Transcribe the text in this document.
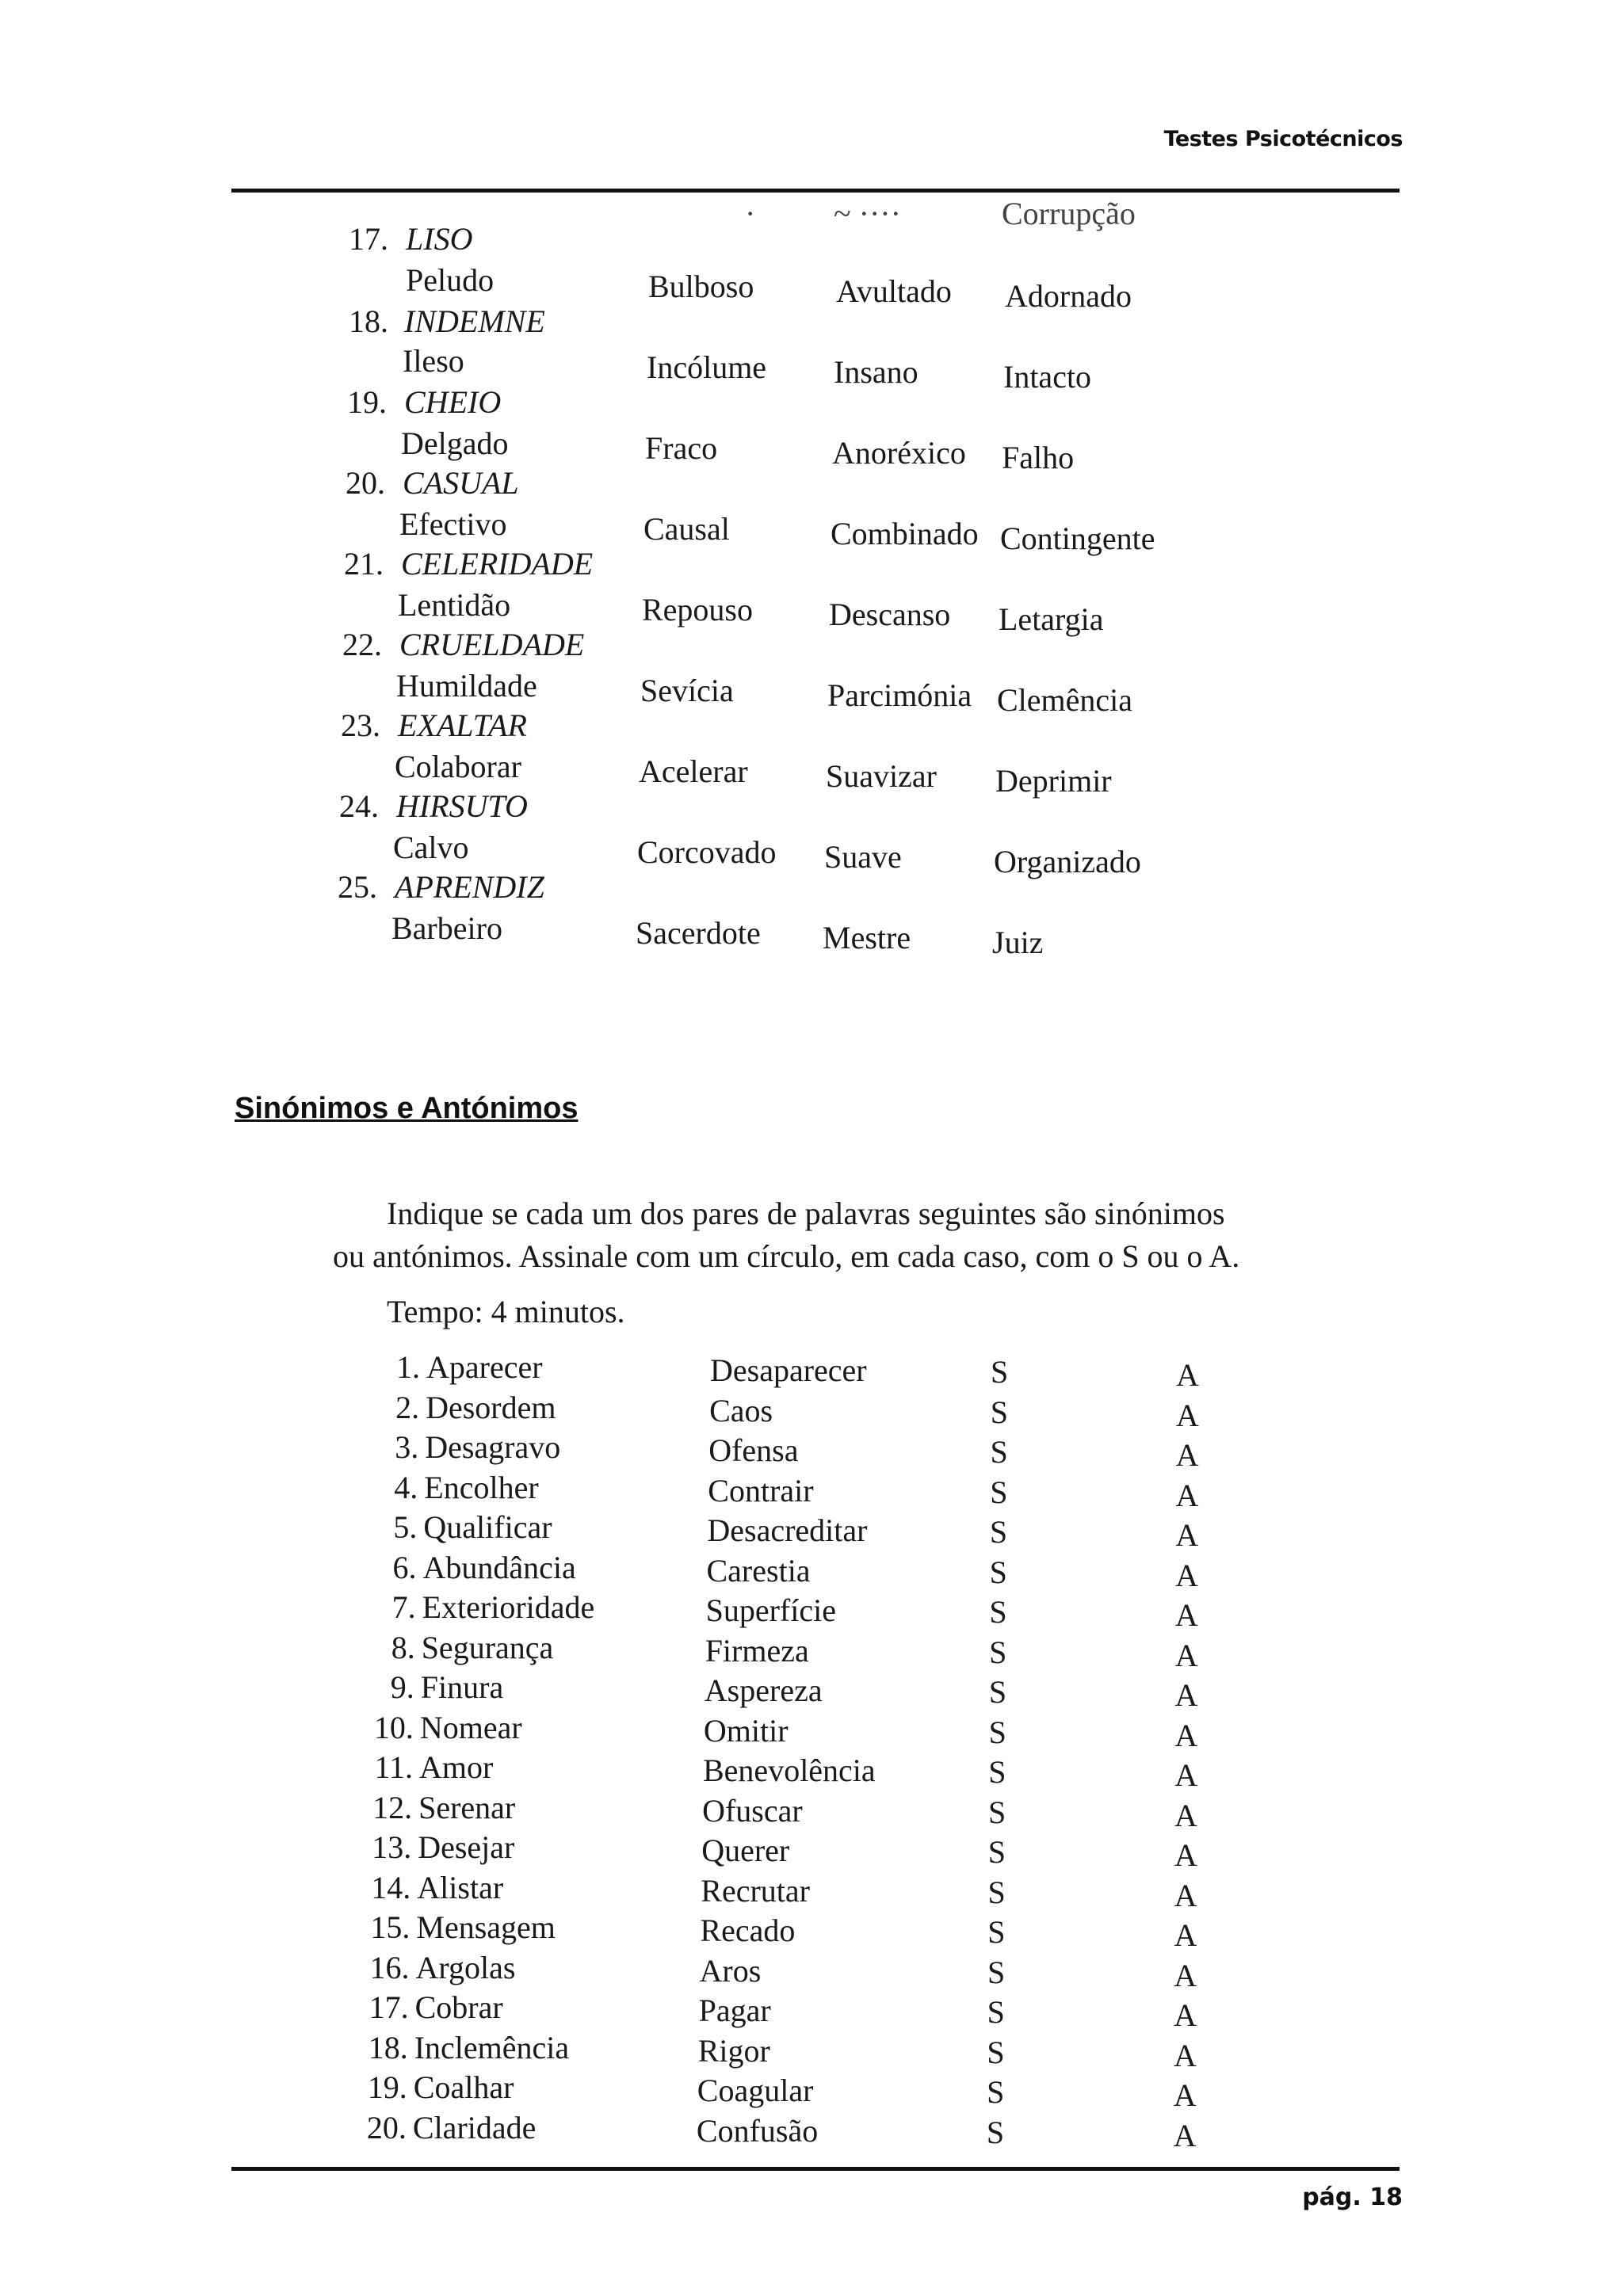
Testes Psicotécnicos
· ~ ····	Corrupção
17. LISO
Peludo	Bulboso	Avultado Adornado
18. INDEMNE
Ileso	Incólume Insano	Intacto
19. CHEIO
Delgado	Fraco	Anoréxico Falho
20. CASUAL
Efectivo	Causal	Combinado Contingente
21. CELERIDADE
Lentidão	Repouso Descanso Letargia
22. CRUELDADE
Humildade	Sevícia	Parcimónia Clemência
23. EXALTAR
Colaborar	Acelerar Suavizar Deprimir
24. HIRSUTO
Calvo	Corcovado Suave	Organizado
25. APRENDIZ
Barbeiro	Sacerdote Mestre	Juiz
Sinónimos e Antónimos
Indique se cada um dos pares de palavras seguintes são sinónimos
ou antónimos. Assinale com um círculo, em cada caso, com o S ou o A.
Tempo: 4 minutos.
1. Aparecer	Desaparecer	S	A
2. Desordem	Caos	S	A
3. Desagravo	Ofensa	S	A
4. Encolher	Contrair	S	A
5. Qualificar	Desacreditar	S	A
6. Abundância	Carestia	S	A
7. Exterioridade	Superfície	S	A
8. Segurança	Firmeza	S	A
9. Finura	Aspereza	S	A
10. Nomear	Omitir	S	A
11. Amor	Benevolência	S	A
12. Serenar	Ofuscar	S	A
13. Desejar	Querer	S	A
14. Alistar	Recrutar	S	A
15. Mensagem	Recado	S	A
16. Argolas	Aros	S	A
17. Cobrar	Pagar	S	A
18. Inclemência	Rigor	S	A
19. Coalhar	Coagular	S	A
20. Claridade	Confusão	S	A
pág. 18
